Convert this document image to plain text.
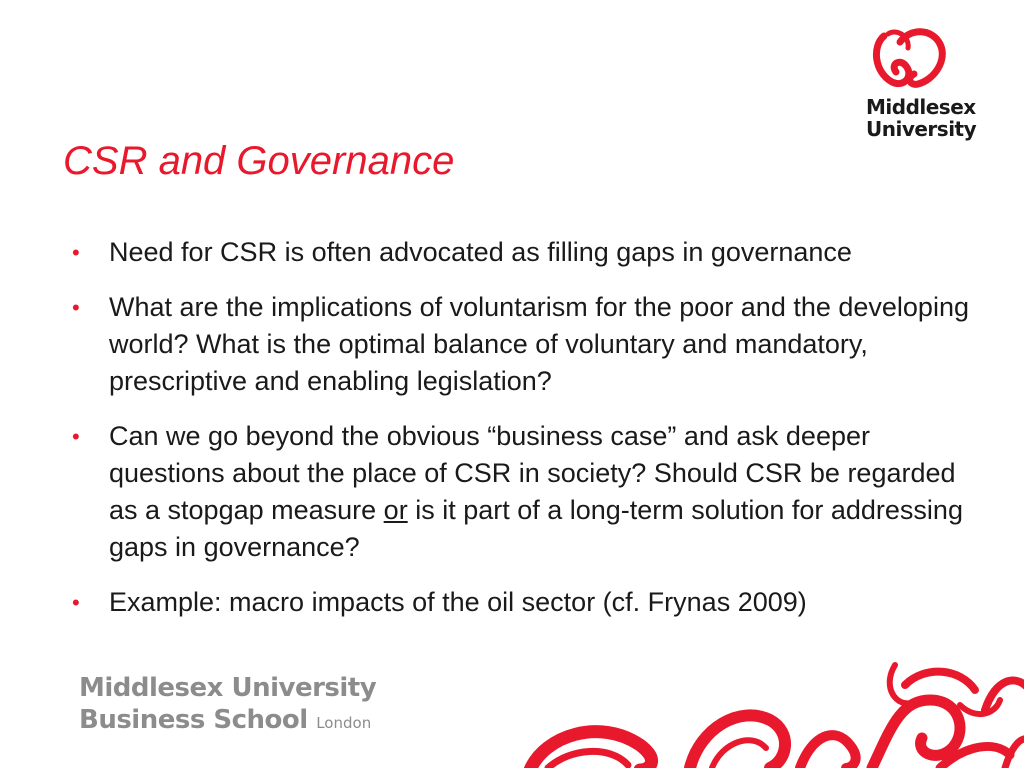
Middlesex
University
CSR and Governance
• Need for CSR is often advocated as filling gaps in governance
• What are the implications of voluntarism for the poor and the developing world? What is the optimal balance of voluntary and mandatory, prescriptive and enabling legislation?
• Can we go beyond the obvious “business case” and ask deeper questions about the place of CSR in society? Should CSR be regarded as a stopgap measure or is it part of a long-term solution for addressing gaps in governance?
• Example: macro impacts of the oil sector (cf. Frynas 2009)
Middlesex University
Business School London
